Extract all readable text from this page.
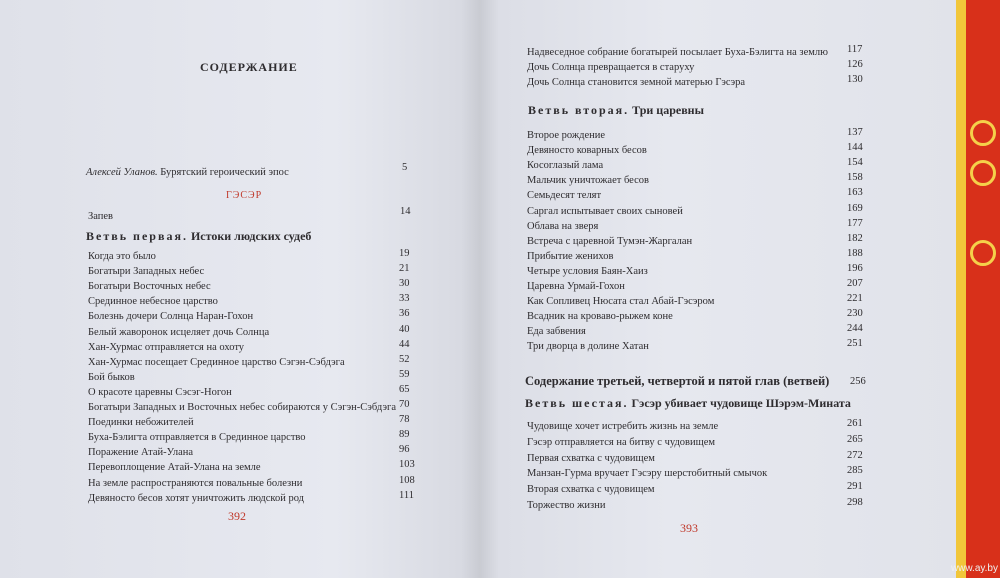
СОДЕРЖАНИЕ
Алексей Уланов. Бурятский героический эпос	5
ГЭСЭР
Запев	14
Ветвь первая. Истоки людских судеб
Когда это было	19
Богатыри Западных небес	21
Богатыри Восточных небес	30
Срединное небесное царство	33
Болезнь дочери Солнца Наран-Гохон	36
Белый жаворонок исцеляет дочь Солнца	40
Хан-Хурмас отправляется на охоту	44
Хан-Хурмас посещает Срединное царство Сэгэн-Сэбдэга	52
Бой быков	59
О красоте царевны Сэсэг-Ногон	65
Богатыри Западных и Восточных небес собираются у Сэгэн-Сэбдэга 70
Поединки небожителей	78
Буха-Бэлигта отправляется в Срединное царство	89
Поражение Атай-Улана	96
Перевоплощение Атай-Улана на земле	103
На земле распространяются повальные болезни	108
Девяносто бесов хотят уничтожить людской род	111
392
Надвеседное собрание богатырей посылает Буха-Бэлигта на землю 117
Дочь Солнца превращается в старуху	126
Дочь Солнца становится земной матерью Гэсэра	130
Ветвь вторая. Три царевны
Второе рождение	137
Девяносто коварных бесов	144
Косоглазый лама	154
Мальчик уничтожает бесов	158
Семьдесят телят	163
Саргал испытывает своих сыновей	169
Облава на зверя	177
Встреча с царевной Тумэн-Жаргалан	182
Прибытие женихов	188
Четыре условия Баян-Хаиз	196
Царевна Урмай-Гохон	207
Как Сопливец Нюсата стал Абай-Гэсэром	221
Всадник на кроваво-рыжем коне	230
Еда забвения	244
Три дворца в долине Хатан	251
Содержание третьей, четвертой и пятой глав (ветвей) 256
Ветвь шестая. Гэсэр убивает чудовище Шэрэм-Мината
Чудовище хочет истребить жизнь на земле	261
Гэсэр отправляется на битву с чудовищем	265
Первая схватка с чудовищем	272
Манзан-Гурма вручает Гэсэру шерстобитный смычок	285
Вторая схватка с чудовищем	291
Торжество жизни	298
393
www.ay.by
